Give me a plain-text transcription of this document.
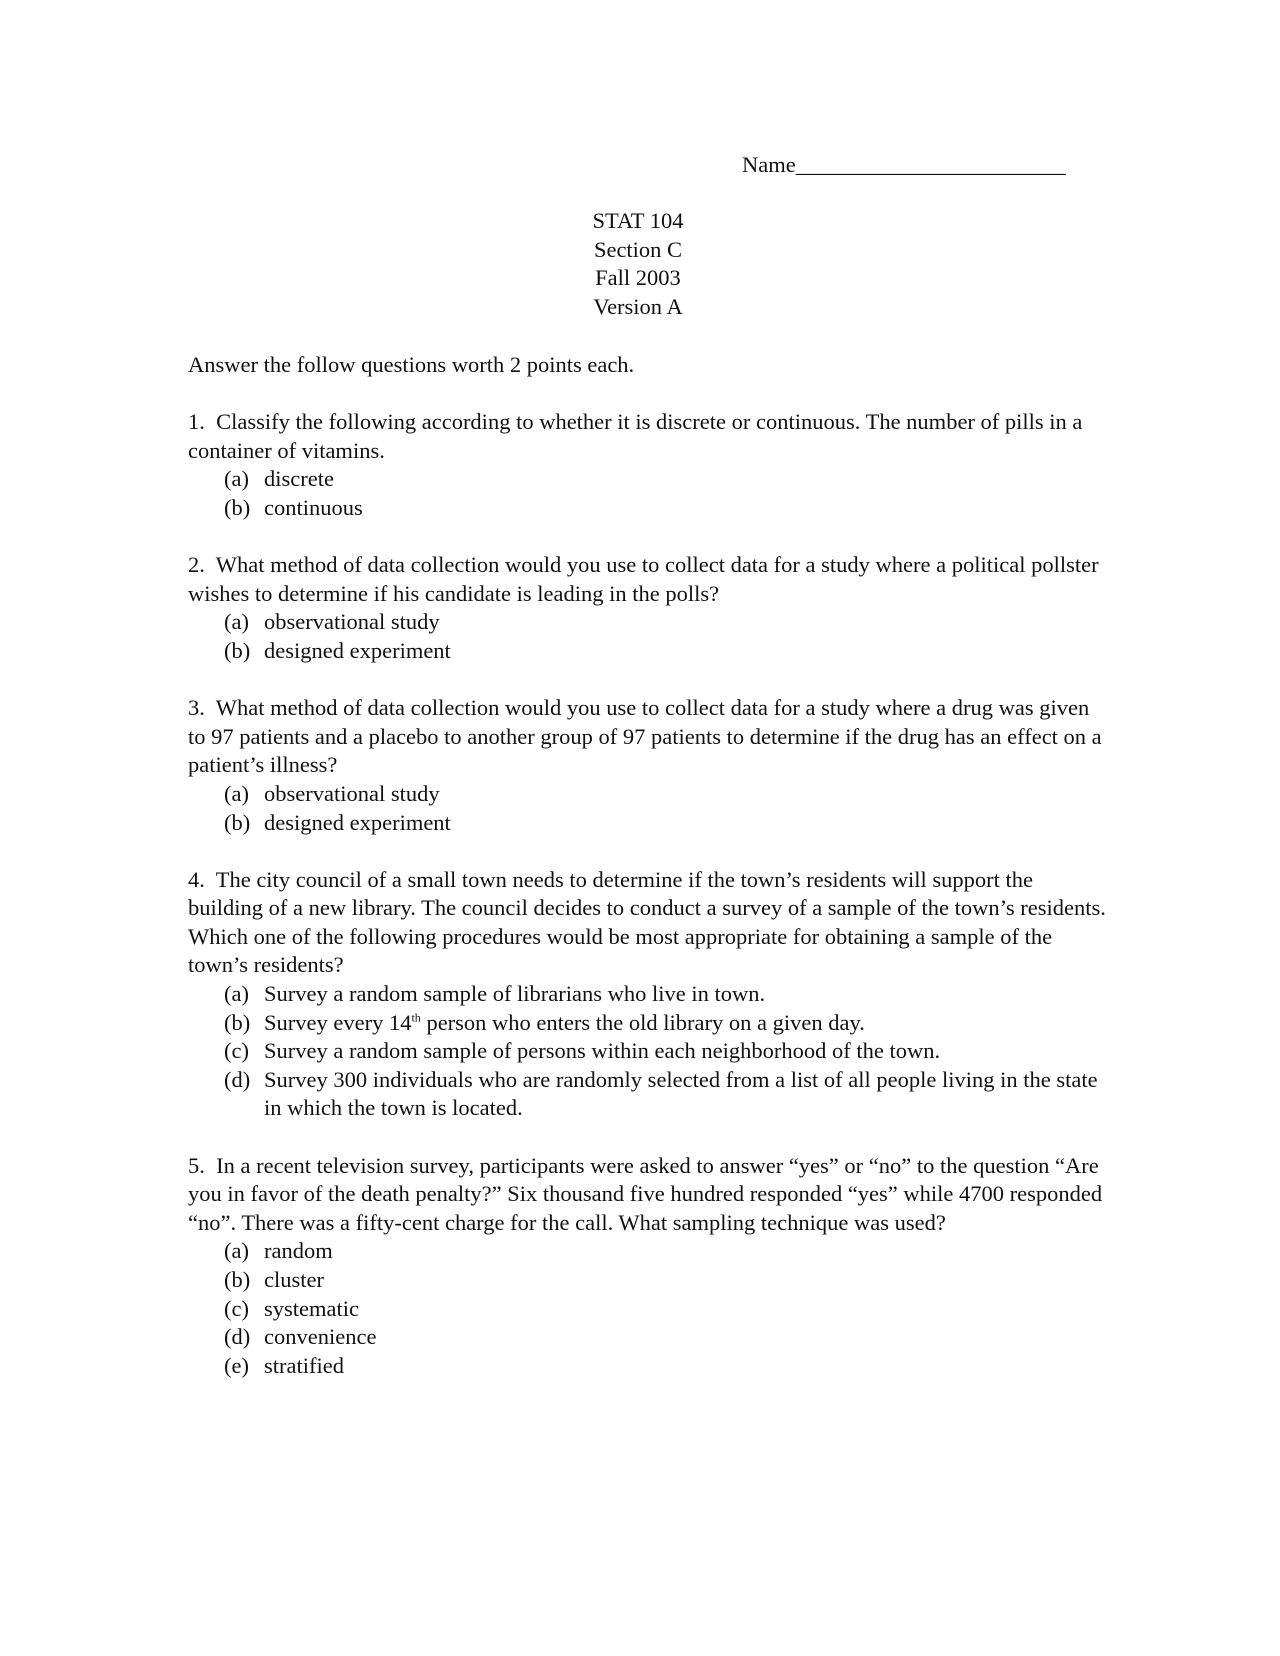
Name________________________
STAT 104
Section C
Fall 2003
Version A

Answer the follow questions worth 2 points each.

1. Classify the following according to whether it is discrete or continuous. The number of pills in a container of vitamins.

(a) discrete
(b) continuous

2. What method of data collection would you use to collect data for a study where a political pollster wishes to determine if his candidate is leading in the polls?

(a) observational study
(b) designed experiment

3. What method of data collection would you use to collect data for a study where a drug was given to 97 patients and a placebo to another group of 97 patients to determine if the drug has an effect on a patient’s illness?

(a) observational study
(b) designed experiment

4. The city council of a small town needs to determine if the town’s residents will support the building of a new library. The council decides to conduct a survey of a sample of the town’s residents. Which one of the following procedures would be most appropriate for obtaining a sample of the town’s residents?

(a) Survey a random sample of librarians who live in town.
(b) Survey every 14th person who enters the old library on a given day.
(c) Survey a random sample of persons within each neighborhood of the town.
(d) Survey 300 individuals who are randomly selected from a list of all people living in the state in which the town is located.

5. In a recent television survey, participants were asked to answer “yes” or “no” to the question “Are you in favor of the death penalty?” Six thousand five hundred responded “yes” while 4700 responded “no”. There was a fifty-cent charge for the call. What sampling technique was used?

(a) random
(b) cluster
(c) systematic
(d) convenience
(e) stratified
